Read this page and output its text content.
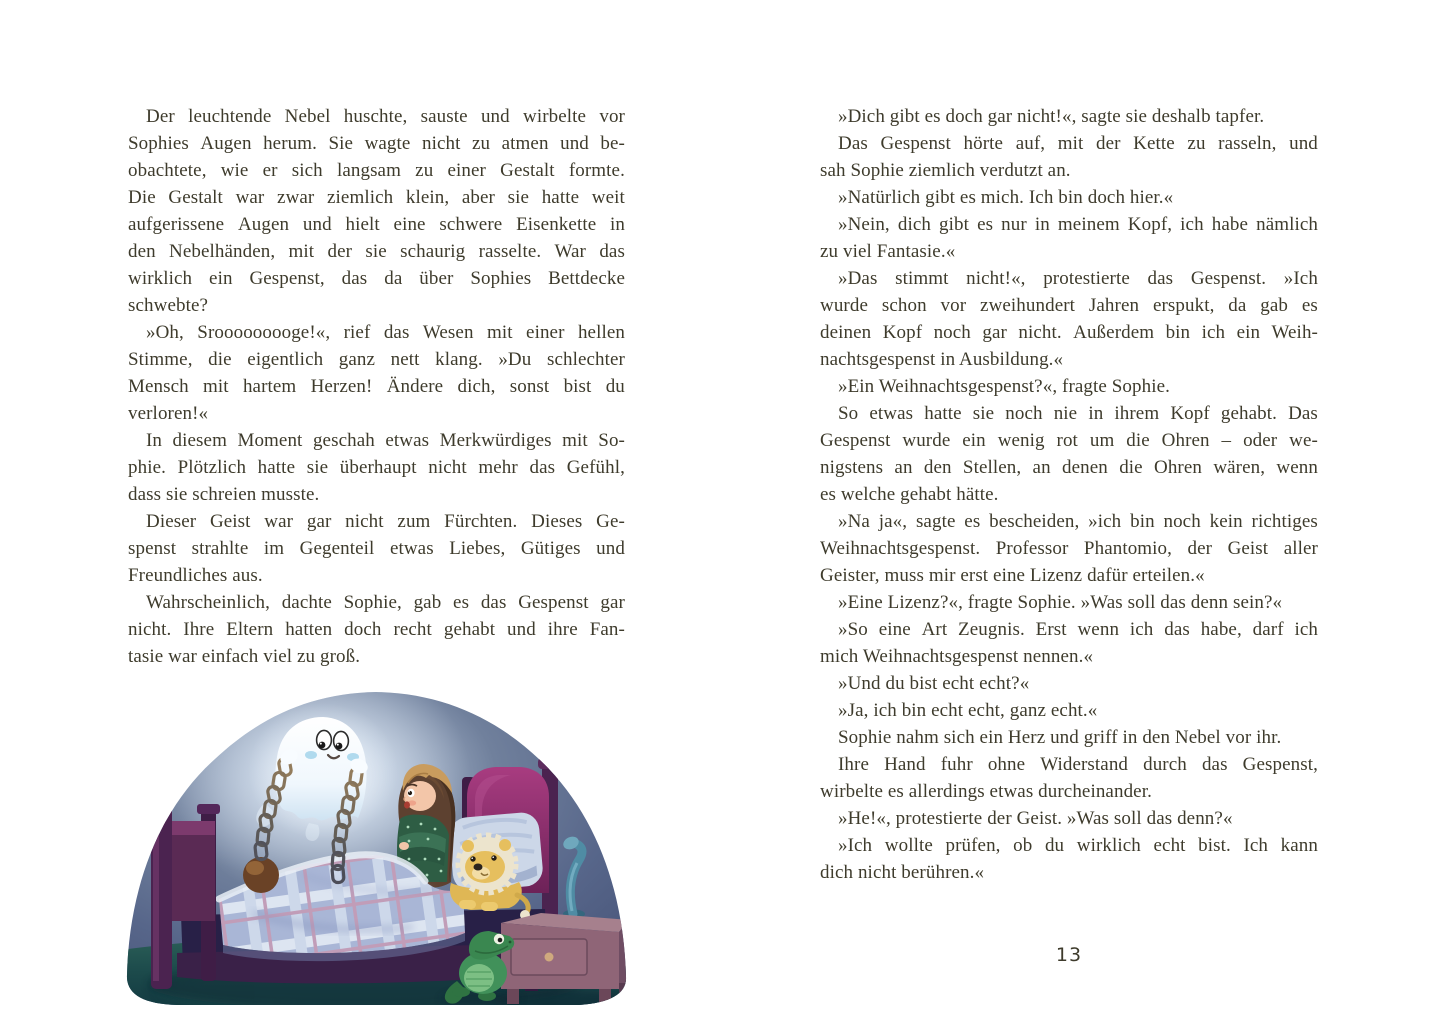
Der leuchtende Nebel huschte, sauste und wirbelte vor
Sophies Augen herum. Sie wagte nicht zu atmen und be-
obachtete, wie er sich langsam zu einer Gestalt formte.
Die Gestalt war zwar ziemlich klein, aber sie hatte weit
aufgerissene Augen und hielt eine schwere Eisenkette in
den Nebelhänden, mit der sie schaurig rasselte. War das
wirklich ein Gespenst, das da über Sophies Bettdecke
schwebte?
»Oh, Srooooooooge!«, rief das Wesen mit einer hellen
Stimme, die eigentlich ganz nett klang. »Du schlechter
Mensch mit hartem Herzen! Ändere dich, sonst bist du
verloren!«
In diesem Moment geschah etwas Merkwürdiges mit So-
phie. Plötzlich hatte sie überhaupt nicht mehr das Gefühl,
dass sie schreien musste.
Dieser Geist war gar nicht zum Fürchten. Dieses Ge-
spenst strahlte im Gegenteil etwas Liebes, Gütiges und
Freundliches aus.
Wahrscheinlich, dachte Sophie, gab es das Gespenst gar
nicht. Ihre Eltern hatten doch recht gehabt und ihre Fan-
tasie war einfach viel zu groß.
»Dich gibt es doch gar nicht!«, sagte sie deshalb tapfer.
Das Gespenst hörte auf, mit der Kette zu rasseln, und
sah Sophie ziemlich verdutzt an.
»Natürlich gibt es mich. Ich bin doch hier.«
»Nein, dich gibt es nur in meinem Kopf, ich habe nämlich
zu viel Fantasie.«
»Das stimmt nicht!«, protestierte das Gespenst. »Ich
wurde schon vor zweihundert Jahren erspukt, da gab es
deinen Kopf noch gar nicht. Außerdem bin ich ein Weih-
nachtsgespenst in Ausbildung.«
»Ein Weihnachtsgespenst?«, fragte Sophie.
So etwas hatte sie noch nie in ihrem Kopf gehabt. Das
Gespenst wurde ein wenig rot um die Ohren – oder we-
nigstens an den Stellen, an denen die Ohren wären, wenn
es welche gehabt hätte.
»Na ja«, sagte es bescheiden, »ich bin noch kein richtiges
Weihnachtsgespenst. Professor Phantomio, der Geist aller
Geister, muss mir erst eine Lizenz dafür erteilen.«
»Eine Lizenz?«, fragte Sophie. »Was soll das denn sein?«
»So eine Art Zeugnis. Erst wenn ich das habe, darf ich
mich Weihnachtsgespenst nennen.«
»Und du bist echt echt?«
»Ja, ich bin echt echt, ganz echt.«
Sophie nahm sich ein Herz und griff in den Nebel vor ihr.
Ihre Hand fuhr ohne Widerstand durch das Gespenst,
wirbelte es allerdings etwas durcheinander.
»He!«, protestierte der Geist. »Was soll das denn?«
»Ich wollte prüfen, ob du wirklich echt bist. Ich kann
dich nicht berühren.«
13
